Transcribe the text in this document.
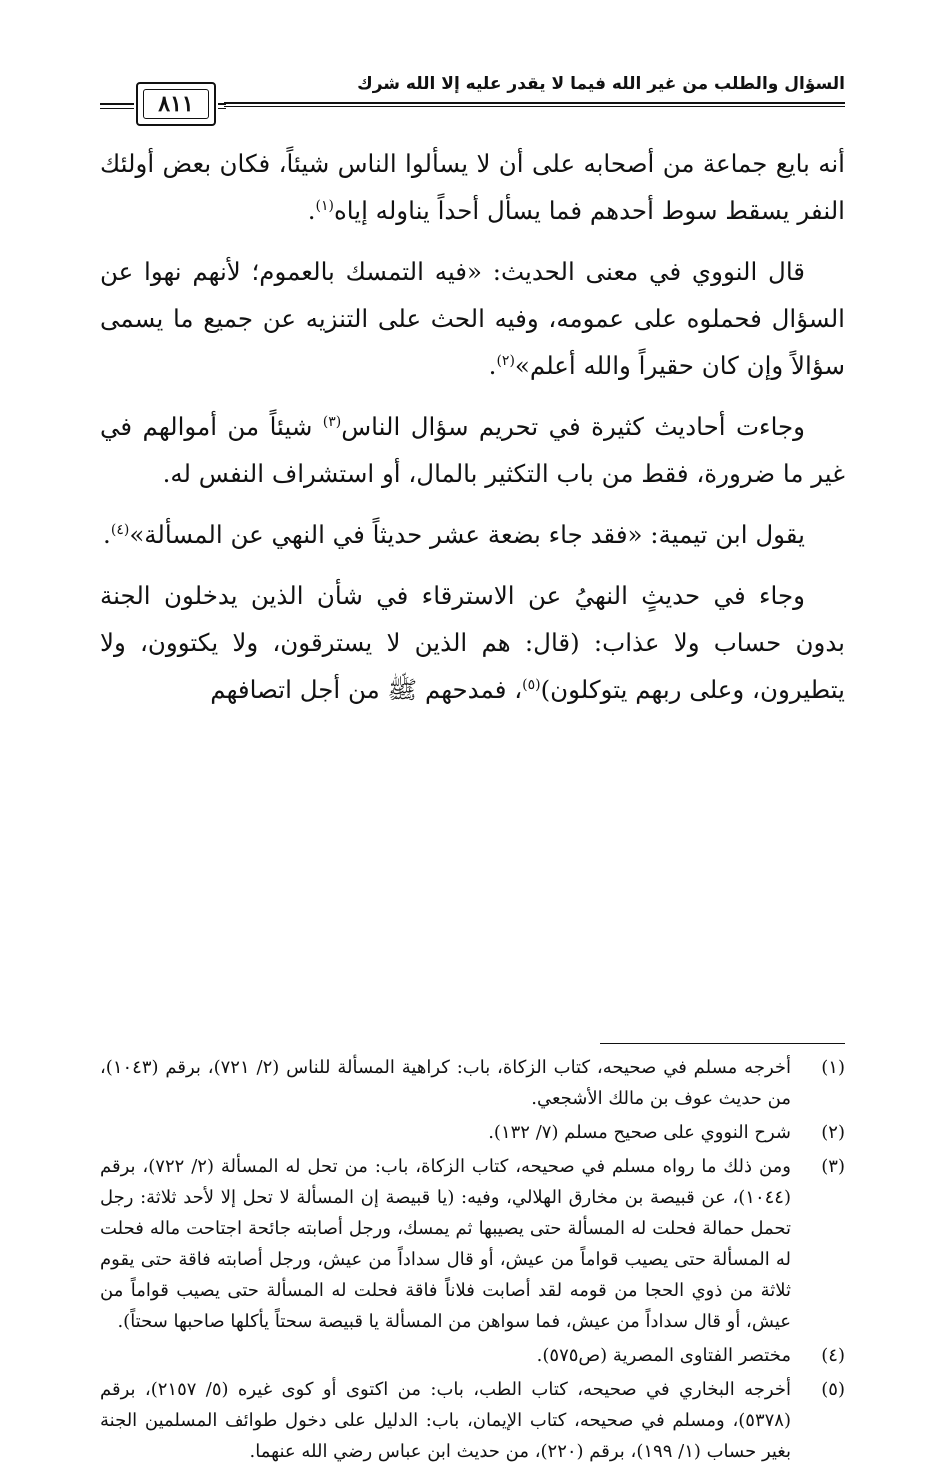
السؤال والطلب من غير الله فيما لا يقدر عليه إلا الله شرك
٨١١

أنه بايع جماعة من أصحابه على أن لا يسألوا الناس شيئاً، فكان بعض أولئك النفر يسقط سوط أحدهم فما يسأل أحداً يناوله إياه$^{(١)}$.

قال النووي في معنى الحديث: «فيه التمسك بالعموم؛ لأنهم نهوا عن السؤال فحملوه على عمومه، وفيه الحث على التنزيه عن جميع ما يسمى سؤالاً وإن كان حقيراً والله أعلم»$^{(٢)}$.

وجاءت أحاديث كثيرة في تحريم سؤال الناس$^{(٣)}$ شيئاً من أموالهم في غير ما ضرورة، فقط من باب التكثير بالمال، أو استشراف النفس له.

يقول ابن تيمية: «فقد جاء بضعة عشر حديثاً في النهي عن المسألة»$^{(٤)}$.

وجاء في حديثٍ النهيُ عن الاسترقاء في شأن الذين يدخلون الجنة بدون حساب ولا عذاب: (قال: هم الذين لا يسترقون، ولا يكتوون، ولا يتطيرون، وعلى ربهم يتوكلون)$^{(٥)}$، فمدحهم ﷺ من أجل اتصافهم

(١)
أخرجه مسلم في صحيحه، كتاب الزكاة، باب: كراهية المسألة للناس (٢/ ٧٢١)، برقم (١٠٤٣)، من حديث عوف بن مالك الأشجعي.
(٢)
شرح النووي على صحيح مسلم (٧/ ١٣٢).
(٣)
ومن ذلك ما رواه مسلم في صحيحه، كتاب الزكاة، باب: من تحل له المسألة (٢/ ٧٢٢)، برقم (١٠٤٤)، عن قبيصة بن مخارق الهلالي، وفيه: (يا قبيصة إن المسألة لا تحل إلا لأحد ثلاثة: رجل تحمل حمالة فحلت له المسألة حتى يصيبها ثم يمسك، ورجل أصابته جائحة اجتاحت ماله فحلت له المسألة حتى يصيب قواماً من عيش، أو قال سداداً من عيش، ورجل أصابته فاقة حتى يقوم ثلاثة من ذوي الحجا من قومه لقد أصابت فلاناً فاقة فحلت له المسألة حتى يصيب قواماً من عيش، أو قال سداداً من عيش، فما سواهن من المسألة يا قبيصة سحتاً يأكلها صاحبها سحتاً).
(٤)
مختصر الفتاوى المصرية (ص٥٧٥).
(٥)
أخرجه البخاري في صحيحه، كتاب الطب، باب: من اكتوى أو كوى غيره (٥/ ٢١٥٧)، برقم (٥٣٧٨)، ومسلم في صحيحه، كتاب الإيمان، باب: الدليل على دخول طوائف المسلمين الجنة بغير حساب (١/ ١٩٩)، برقم (٢٢٠)، من حديث ابن عباس رضي الله عنهما.
